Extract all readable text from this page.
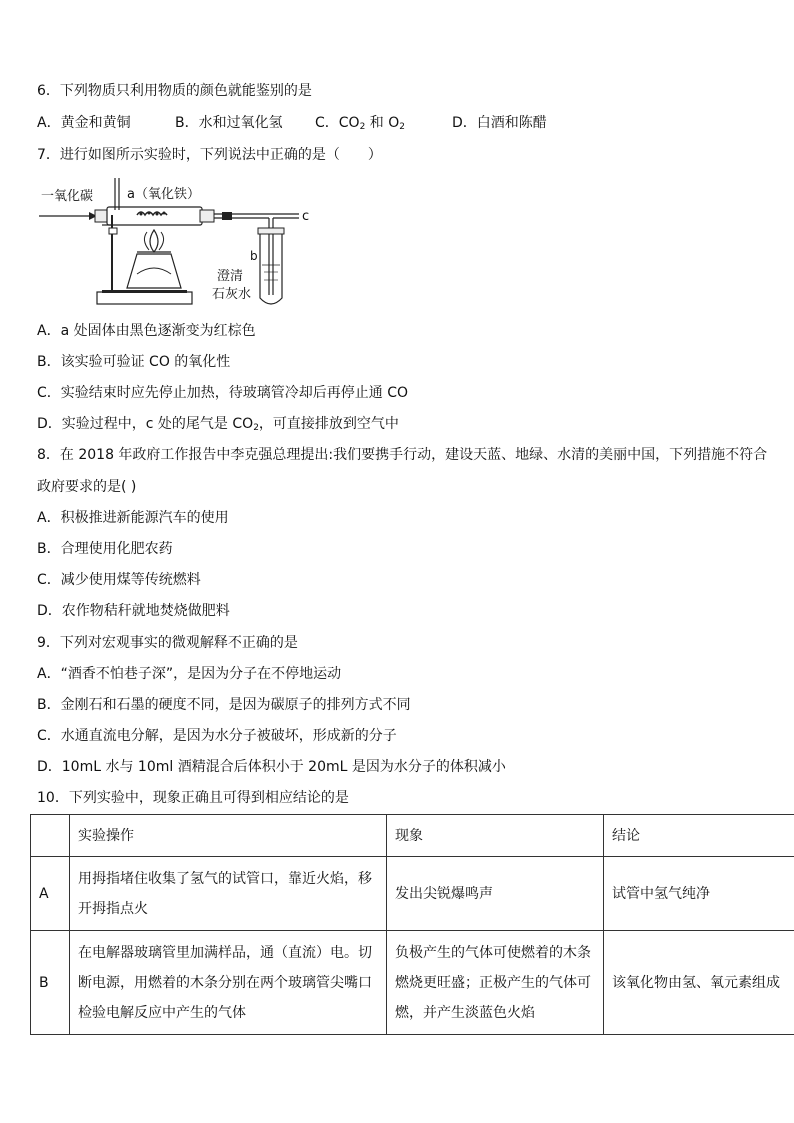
6．下列物质只利用物质的颜色就能鉴别的是
A．黄金和黄铜	B．水和过氧化氢 C．$CO_2$ 和 $O_2$	D．白酒和陈醋
7．进行如图所示实验时，下列说法中正确的是（　　）
一氧化碳	a（氧化铁）
c
b
澄清
石灰水
A．a 处固体由黑色逐渐变为红棕色
B．该实验可验证 CO 的氧化性
C．实验结束时应先停止加热，待玻璃管冷却后再停止通 CO
D．实验过程中，c 处的尾气是 $CO_2$，可直接排放到空气中
8．在 2018 年政府工作报告中李克强总理提出:我们要携手行动，建设天蓝、地绿、水清的美丽中国，下列措施不符合
政府要求的是( )
A．积极推进新能源汽车的使用
B．合理使用化肥农药
C．减少使用煤等传统燃料
D．农作物秸秆就地焚烧做肥料
9．下列对宏观事实的微观解释不正确的是
A．“酒香不怕巷子深”，是因为分子在不停地运动
B．金刚石和石墨的硬度不同，是因为碳原子的排列方式不同
C．水通直流电分解，是因为水分子被破坏，形成新的分子
D．10mL 水与 10ml 酒精混合后体积小于 20mL 是因为水分子的体积减小
10．下列实验中，现象正确且可得到相应结论的是
	实验操作	现象	结论
A	用拇指堵住收集了氢气的试管口，靠近火焰，移开拇指点火	发出尖锐爆鸣声	试管中氢气纯净
B	在电解器玻璃管里加满样品，通（直流）电。切断电源，用燃着的木条分别在两个玻璃管尖嘴口检验电解反应中产生的气体	负极产生的气体可使燃着的木条燃烧更旺盛；正极产生的气体可燃，并产生淡蓝色火焰	该氧化物由氢、氧元素组成
